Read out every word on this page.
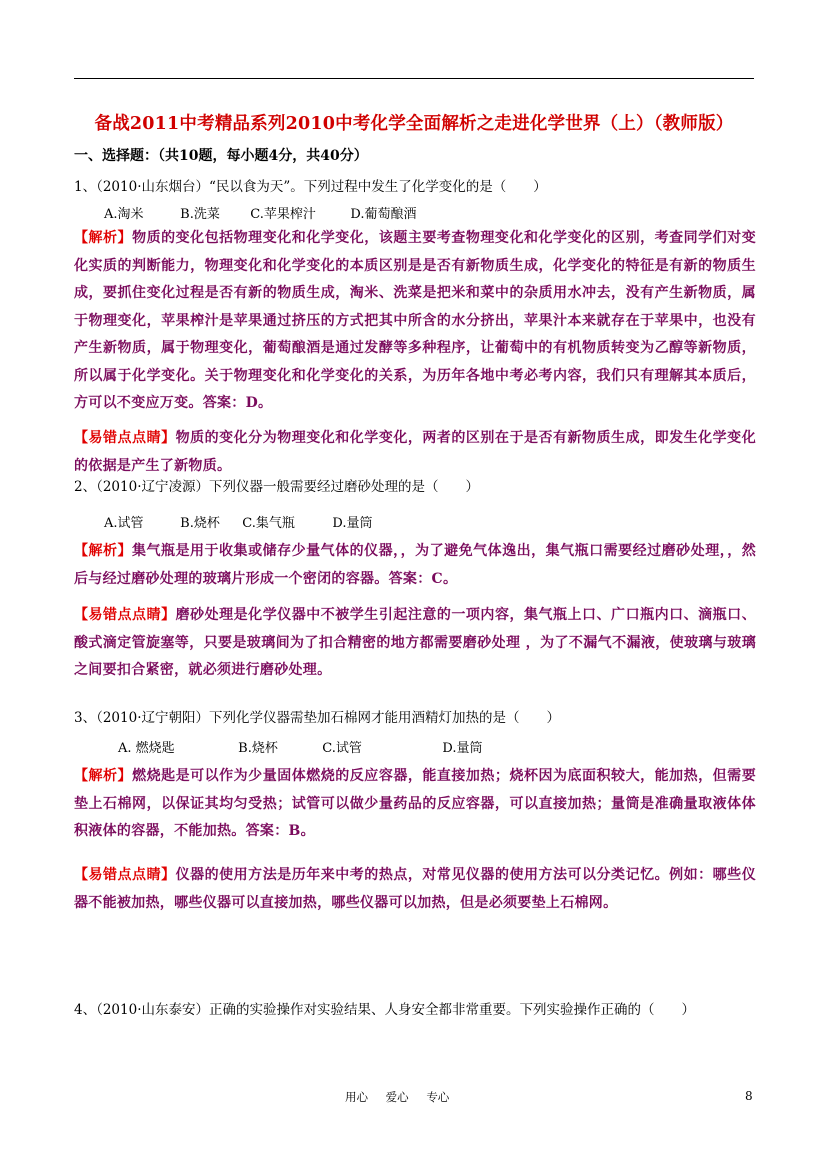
备战2011中考精品系列2010中考化学全面解析之走进化学世界（上）（教师版）
一、选择题：（共10题，每小题4分，共40分）
1、（2010·山东烟台）“民以食为天”。下列过程中发生了化学变化的是（　　）
A.淘米	B.洗菜 C.苹果榨汁	D.葡萄酿酒
【解析】物质的变化包括物理变化和化学变化，该题主要考查物理变化和化学变化的区别，考查同学们对变化实质的判断能力，物理变化和化学变化的本质区别是是否有新物质生成，化学变化的特征是有新的物质生成，要抓住变化过程是否有新的物质生成，淘米、洗菜是把米和菜中的杂质用水冲去，没有产生新物质，属于物理变化，苹果榨汁是苹果通过挤压的方式把其中所含的水分挤出，苹果汁本来就存在于苹果中，也没有产生新物质，属于物理变化，葡萄酿酒是通过发酵等多种程序，让葡萄中的有机物质转变为乙醇等新物质，所以属于化学变化。关于物理变化和化学变化的关系，为历年各地中考必考内容，我们只有理解其本质后，方可以不变应万变。答案：D。
【易错点点睛】物质的变化分为物理变化和化学变化，两者的区别在于是否有新物质生成，即发生化学变化的依据是产生了新物质。
2、（2010·辽宁凌源）下列仪器一般需要经过磨砂处理的是（　　）
A.试管	B.烧杯 C.集气瓶	D.量筒
【解析】集气瓶是用于收集或储存少量气体的仪器，，为了避免气体逸出，集气瓶口需要经过磨砂处理，，然后与经过磨砂处理的玻璃片形成一个密闭的容器。答案：C。
【易错点点睛】磨砂处理是化学仪器中不被学生引起注意的一项内容，集气瓶上口、广口瓶内口、滴瓶口、酸式滴定管旋塞等，只要是玻璃间为了扣合精密的地方都需要磨砂处理 ，为了不漏气不漏液，使玻璃与玻璃之间要扣合紧密，就必须进行磨砂处理。
3、（2010·辽宁朝阳）下列化学仪器需垫加石棉网才能用酒精灯加热的是（　　）
A. 燃烧匙	B.烧杯	C.试管	D.量筒
【解析】燃烧匙是可以作为少量固体燃烧的反应容器，能直接加热；烧杯因为底面积较大，能加热，但需要垫上石棉网，以保证其均匀受热；试管可以做少量药品的反应容器，可以直接加热；量筒是准确量取液体体积液体的容器，不能加热。答案：B。
【易错点点睛】仪器的使用方法是历年来中考的热点，对常见仪器的使用方法可以分类记忆。例如：哪些仪器不能被加热，哪些仪器可以直接加热，哪些仪器可以加热，但是必须要垫上石棉网。
4、（2010·山东泰安）正确的实验操作对实验结果、人身安全都非常重要。下列实验操作正确的（　　）
用心 爱心 专心	8
